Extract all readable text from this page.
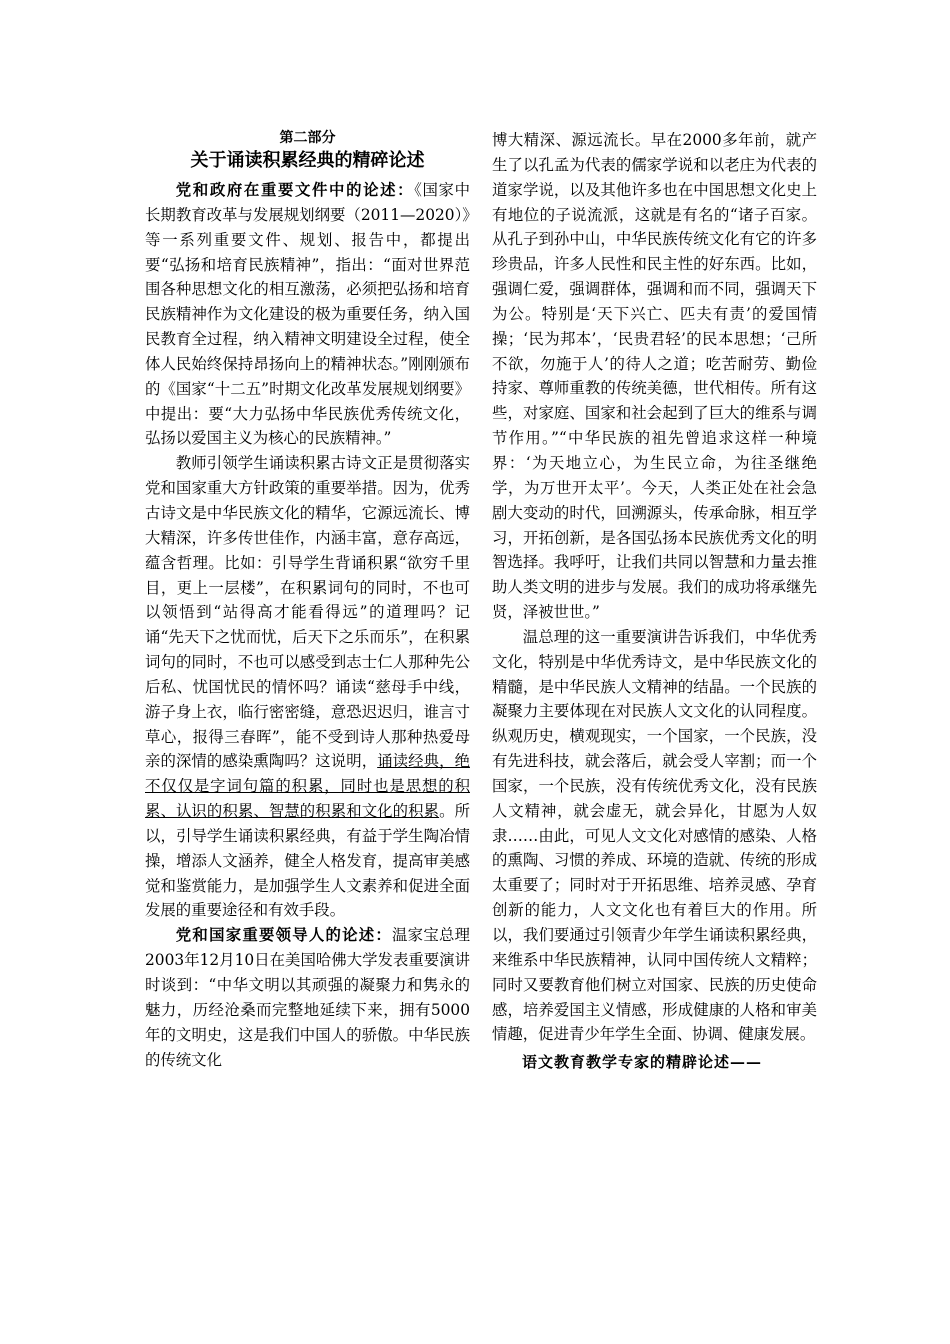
第二部分

关于诵读积累经典的精碎论述

党和政府在重要文件中的论述：《国家中长期教育改革与发展规划纲要（2011—2020）》等一系列重要文件、规划、报告中，都提出要“弘扬和培育民族精神”，指出：“面对世界范围各种思想文化的相互激荡，必须把弘扬和培育民族精神作为文化建设的极为重要任务，纳入国民教育全过程，纳入精神文明建设全过程，使全体人民始终保持昂扬向上的精神状态。”刚刚颁布的《国家“十二五”时期文化改革发展规划纲要》中提出：要“大力弘扬中华民族优秀传统文化，弘扬以爱国主义为核心的民族精神。”

教师引领学生诵读积累古诗文正是贯彻落实党和国家重大方针政策的重要举措。因为，优秀古诗文是中华民族文化的精华，它源远流长、博大精深，许多传世佳作，内涵丰富，意存高远，蕴含哲理。比如：引导学生背诵积累“欲穷千里目，更上一层楼”，在积累词句的同时，不也可以领悟到“站得高才能看得远”的道理吗？记诵“先天下之忧而忧，后天下之乐而乐”，在积累词句的同时，不也可以感受到志士仁人那种先公后私、忧国忧民的情怀吗？诵读“慈母手中线，游子身上衣，临行密密缝，意恐迟迟归，谁言寸草心，报得三春晖”，能不受到诗人那种热爱母亲的深情的感染熏陶吗？这说明，诵读经典，绝不仅仅是字词句篇的积累，同时也是思想的积累、认识的积累、智慧的积累和文化的积累。所以，引导学生诵读积累经典，有益于学生陶冶情操，增添人文涵养，健全人格发育，提高审美感觉和鉴赏能力，是加强学生人文素养和促进全面发展的重要途径和有效手段。

党和国家重要领导人的论述：温家宝总理2003年12月10日在美国哈佛大学发表重要演讲时谈到：“中华文明以其顽强的凝聚力和隽永的魅力，历经沧桑而完整地延续下来，拥有5000年的文明史，这是我们中国人的骄傲。中华民族的传统文化

博大精深、源远流长。早在2000多年前，就产生了以孔孟为代表的儒家学说和以老庄为代表的道家学说，以及其他许多也在中国思想文化史上有地位的子说流派，这就是有名的“诸子百家。从孔子到孙中山，中华民族传统文化有它的许多珍贵品，许多人民性和民主性的好东西。比如，强调仁爱，强调群体，强调和而不同，强调天下为公。特别是‘天下兴亡、匹夫有责’的爱国情操；‘民为邦本’，‘民贵君轻’的民本思想；‘己所不欲，勿施于人’的待人之道；吃苦耐劳、勤俭持家、尊师重教的传统美德，世代相传。所有这些，对家庭、国家和社会起到了巨大的维系与调节作用。”“中华民族的祖先曾追求这样一种境界：‘为天地立心，为生民立命，为往圣继绝学，为万世开太平’。今天，人类正处在社会急剧大变动的时代，回溯源头，传承命脉，相互学习，开拓创新，是各国弘扬本民族优秀文化的明智选择。我呼吁，让我们共同以智慧和力量去推助人类文明的进步与发展。我们的成功将承继先贤，泽被世世。”

温总理的这一重要演讲告诉我们，中华优秀文化，特别是中华优秀诗文，是中华民族文化的精髓，是中华民族人文精神的结晶。一个民族的凝聚力主要体现在对民族人文文化的认同程度。纵观历史，横观现实，一个国家，一个民族，没有先进科技，就会落后，就会受人宰割；而一个国家，一个民族，没有传统优秀文化，没有民族人文精神，就会虚无，就会异化，甘愿为人奴隶……由此，可见人文文化对感情的感染、人格的熏陶、习惯的养成、环境的造就、传统的形成太重要了；同时对于开拓思维、培养灵感、孕育创新的能力，人文文化也有着巨大的作用。所以，我们要通过引领青少年学生诵读积累经典，来维系中华民族精神，认同中国传统人文精粹；同时又要教育他们树立对国家、民族的历史使命感，培养爱国主义情感，形成健康的人格和审美情趣，促进青少年学生全面、协调、健康发展。

语文教育教学专家的精辟论述——
